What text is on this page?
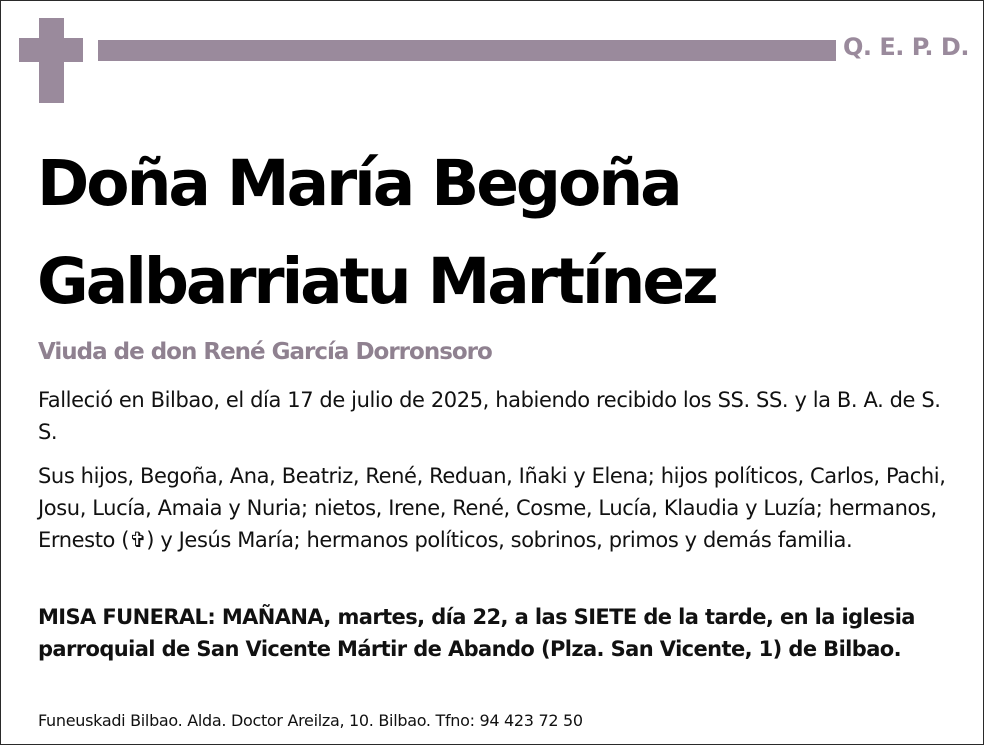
Q. E. P. D.
Doña María Begoña
Galbarriatu Martínez
Viuda de don René García Dorronsoro

Falleció en Bilbao, el día 17 de julio de 2025, habiendo recibido los SS. SS. y la B. A. de S. S.

Sus hijos, Begoña, Ana, Beatriz, René, Reduan, Iñaki y Elena; hijos políticos, Carlos, Pachi, Josu, Lucía, Amaia y Nuria; nietos, Irene, René, Cosme, Lucía, Klaudia y Luzía; hermanos, Ernesto (✞) y Jesús María; hermanos políticos, sobrinos, primos y demás familia.

MISA FUNERAL: MAÑANA, martes, día 22, a las SIETE de la tarde, en la iglesia parroquial de San Vicente Mártir de Abando (Plza. San Vicente, 1) de Bilbao.

Funeuskadi Bilbao. Alda. Doctor Areilza, 10. Bilbao. Tfno: 94 423 72 50
